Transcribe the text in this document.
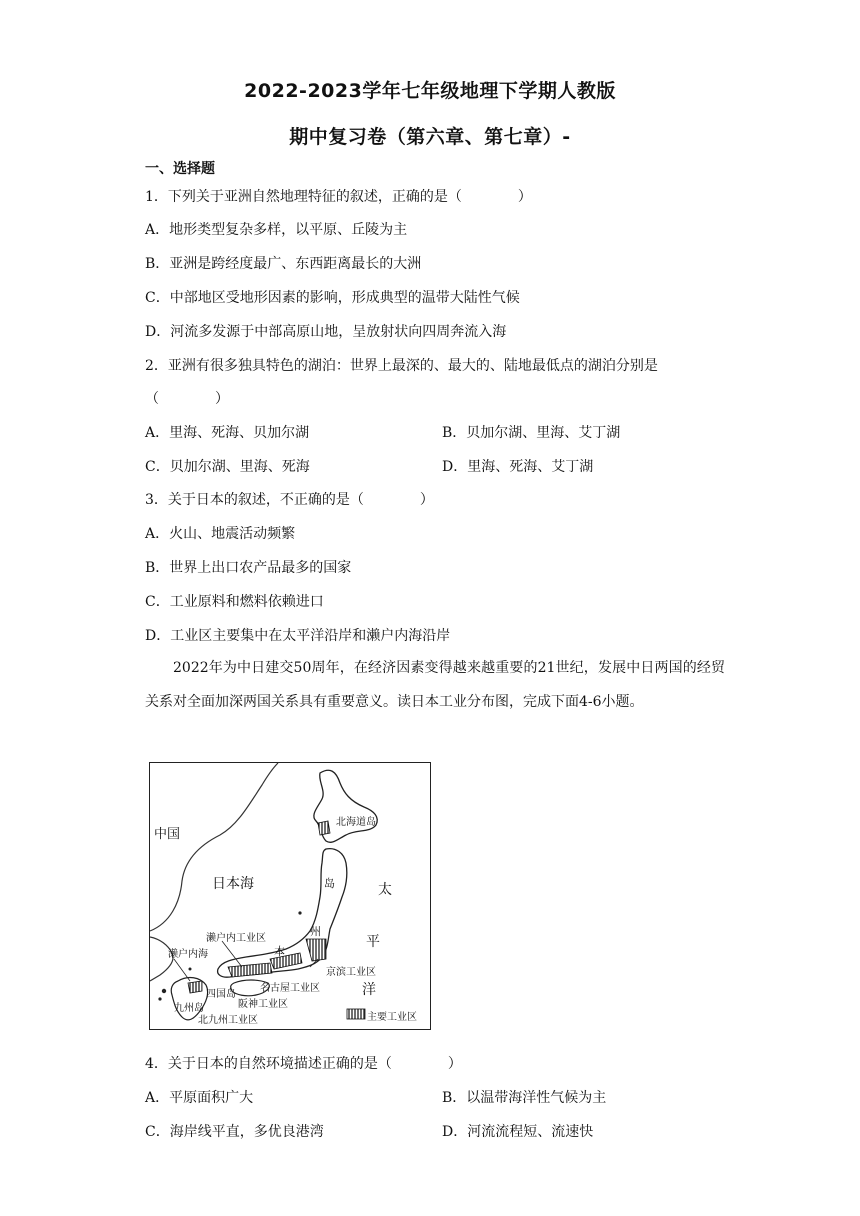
2022-2023学年七年级地理下学期人教版
期中复习卷（第六章、第七章）-
一、选择题
1．下列关于亚洲自然地理特征的叙述，正确的是（　　　　）
A．地形类型复杂多样，以平原、丘陵为主
B．亚洲是跨经度最广、东西距离最长的大洲
C．中部地区受地形因素的影响，形成典型的温带大陆性气候
D．河流多发源于中部高原山地，呈放射状向四周奔流入海
2．亚洲有很多独具特色的湖泊：世界上最深的、最大的、陆地最低点的湖泊分别是
（　　　　）
A．里海、死海、贝加尔湖	B．贝加尔湖、里海、艾丁湖
C．贝加尔湖、里海、死海	D．里海、死海、艾丁湖
3．关于日本的叙述，不正确的是（　　　　）
A．火山、地震活动频繁
B．世界上出口农产品最多的国家
C．工业原料和燃料依赖进口
D．工业区主要集中在太平洋沿岸和濑户内海沿岸
2022年为中日建交50周年，在经济因素变得越来越重要的21世纪，发展中日两国的经贸关系对全面加深两国关系具有重要意义。读日本工业分布图，完成下面4-6小题。
中国
日本海
北海道岛
岛
州
本
太
平
洋
濑户内工业区
濑户内海
京滨工业区
名古屋工业区
四国岛
阪神工业区
九州岛
北九州工业区	主要工业区
4．关于日本的自然环境描述正确的是（　　　　）
A．平原面积广大	B．以温带海洋性气候为主
C．海岸线平直，多优良港湾	D．河流流程短、流速快
